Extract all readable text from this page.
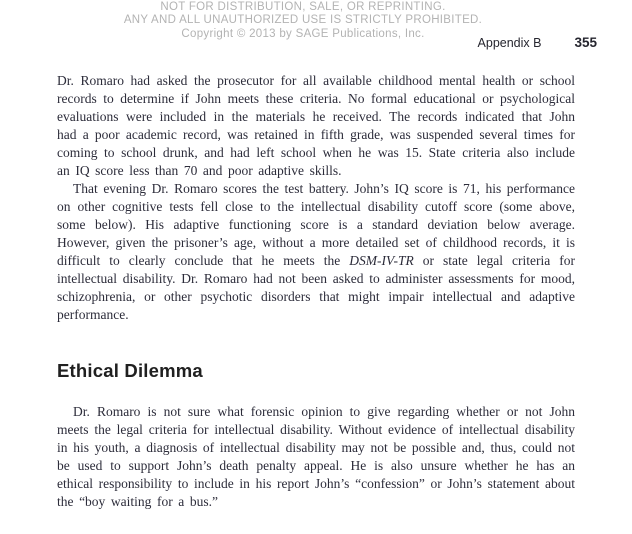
NOT FOR DISTRIBUTION, SALE, OR REPRINTING.
ANY AND ALL UNAUTHORIZED USE IS STRICTLY PROHIBITED.
Copyright © 2013 by SAGE Publications, Inc.
Appendix B 355

Dr. Romaro had asked the prosecutor for all available childhood mental health or school records to determine if John meets these criteria. No formal educational or psychological evaluations were included in the materials he received. The records indicated that John had a poor academic record, was retained in fifth grade, was suspended several times for coming to school drunk, and had left school when he was 15. State criteria also include an IQ score less than 70 and poor adaptive skills.

That evening Dr. Romaro scores the test battery. John’s IQ score is 71, his performance on other cognitive tests fell close to the intellectual disability cutoff score (some above, some below). His adaptive functioning score is a standard deviation below average. However, given the prisoner’s age, without a more detailed set of childhood records, it is difficult to clearly conclude that he meets the DSM-IV-TR or state legal criteria for intellectual disability. Dr. Romaro had not been asked to administer assessments for mood, schizophrenia, or other psychotic disorders that might impair intellectual and adaptive performance.

Ethical Dilemma

Dr. Romaro is not sure what forensic opinion to give regarding whether or not John meets the legal criteria for intellectual disability. Without evidence of intellectual disability in his youth, a diagnosis of intellectual disability may not be possible and, thus, could not be used to support John’s death penalty appeal. He is also unsure whether he has an ethical responsibility to include in his report John’s “confession” or John’s statement about the “boy waiting for a bus.”
